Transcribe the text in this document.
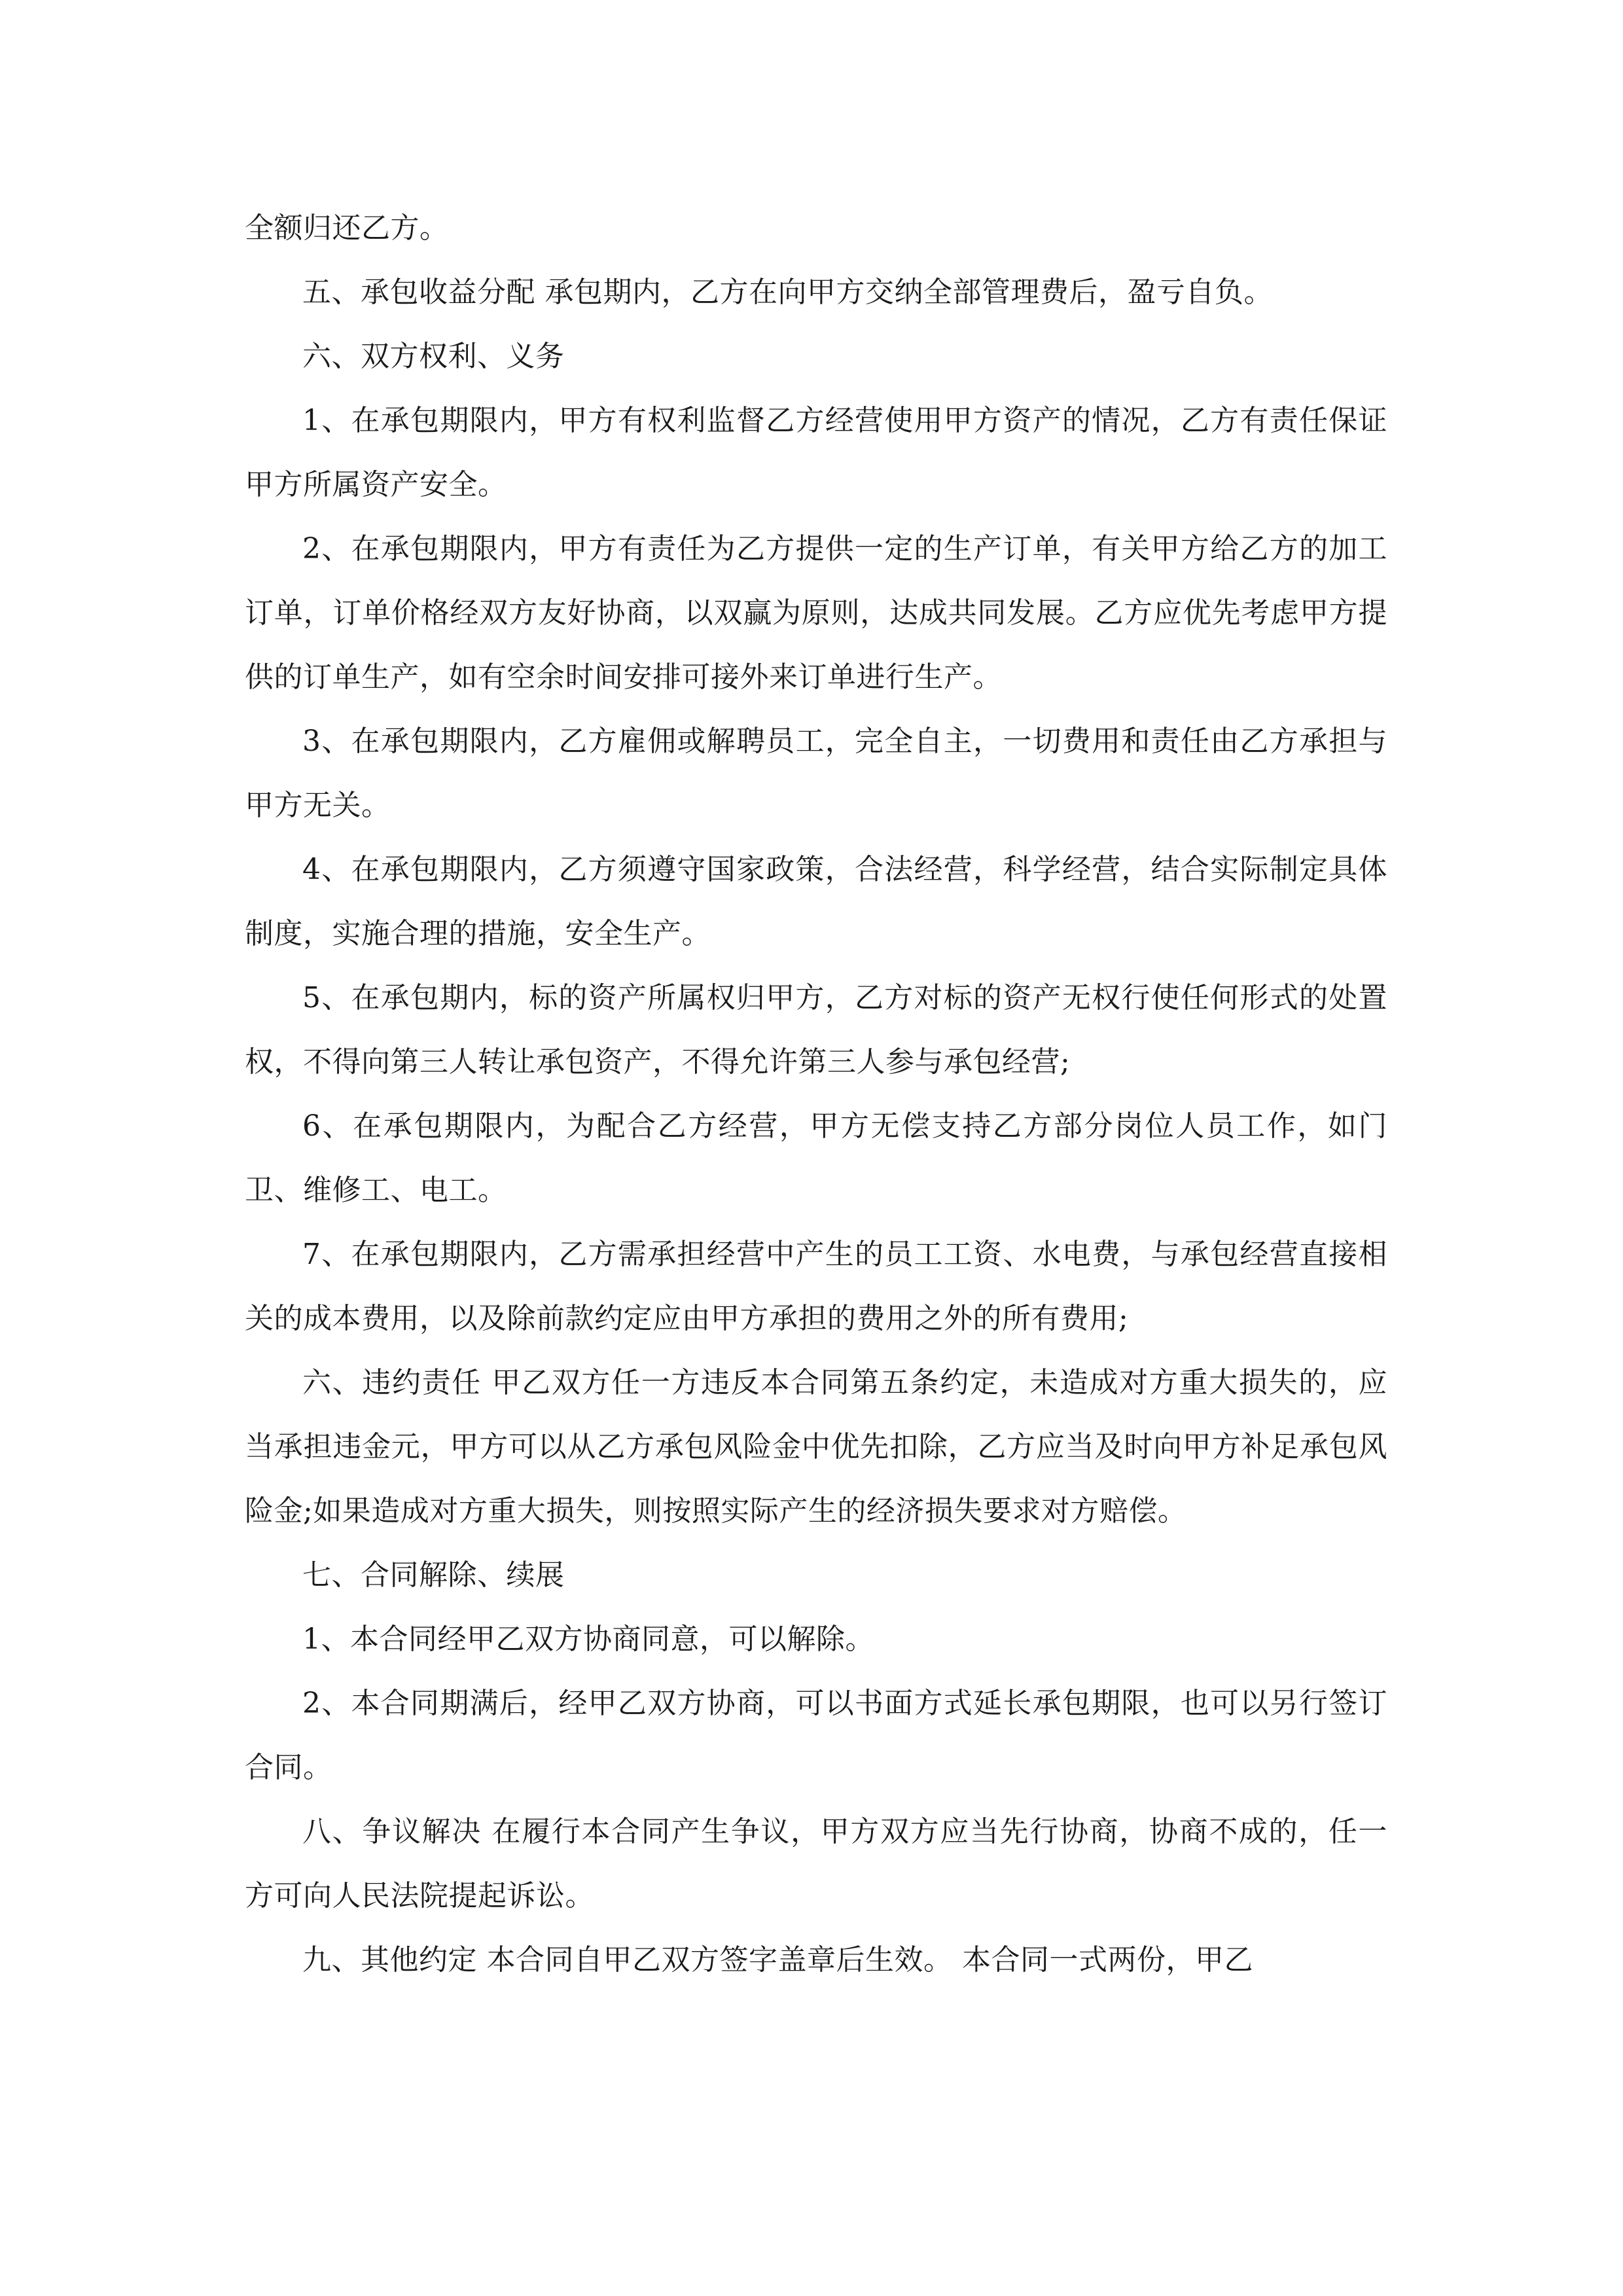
全额归还乙方。

五、承包收益分配 承包期内，乙方在向甲方交纳全部管理费后，盈亏自负。

六、双方权利、义务

1、在承包期限内，甲方有权利监督乙方经营使用甲方资产的情况，乙方有责任保证甲方所属资产安全。

2、在承包期限内，甲方有责任为乙方提供一定的生产订单，有关甲方给乙方的加工订单，订单价格经双方友好协商，以双赢为原则，达成共同发展。乙方应优先考虑甲方提供的订单生产，如有空余时间安排可接外来订单进行生产。

3、在承包期限内，乙方雇佣或解聘员工，完全自主，一切费用和责任由乙方承担与甲方无关。

4、在承包期限内，乙方须遵守国家政策，合法经营，科学经营，结合实际制定具体制度，实施合理的措施，安全生产。

5、在承包期内，标的资产所属权归甲方，乙方对标的资产无权行使任何形式的处置权，不得向第三人转让承包资产，不得允许第三人参与承包经营;

6、在承包期限内，为配合乙方经营，甲方无偿支持乙方部分岗位人员工作，如门卫、维修工、电工。

7、在承包期限内，乙方需承担经营中产生的员工工资、水电费，与承包经营直接相关的成本费用，以及除前款约定应由甲方承担的费用之外的所有费用;

六、违约责任 甲乙双方任一方违反本合同第五条约定，未造成对方重大损失的，应当承担违金元，甲方可以从乙方承包风险金中优先扣除，乙方应当及时向甲方补足承包风险金;如果造成对方重大损失，则按照实际产生的经济损失要求对方赔偿。

七、合同解除、续展

1、本合同经甲乙双方协商同意，可以解除。

2、本合同期满后，经甲乙双方协商，可以书面方式延长承包期限，也可以另行签订合同。

八、争议解决 在履行本合同产生争议，甲方双方应当先行协商，协商不成的，任一方可向人民法院提起诉讼。

九、其他约定 本合同自甲乙双方签字盖章后生效。 本合同一式两份，甲乙
